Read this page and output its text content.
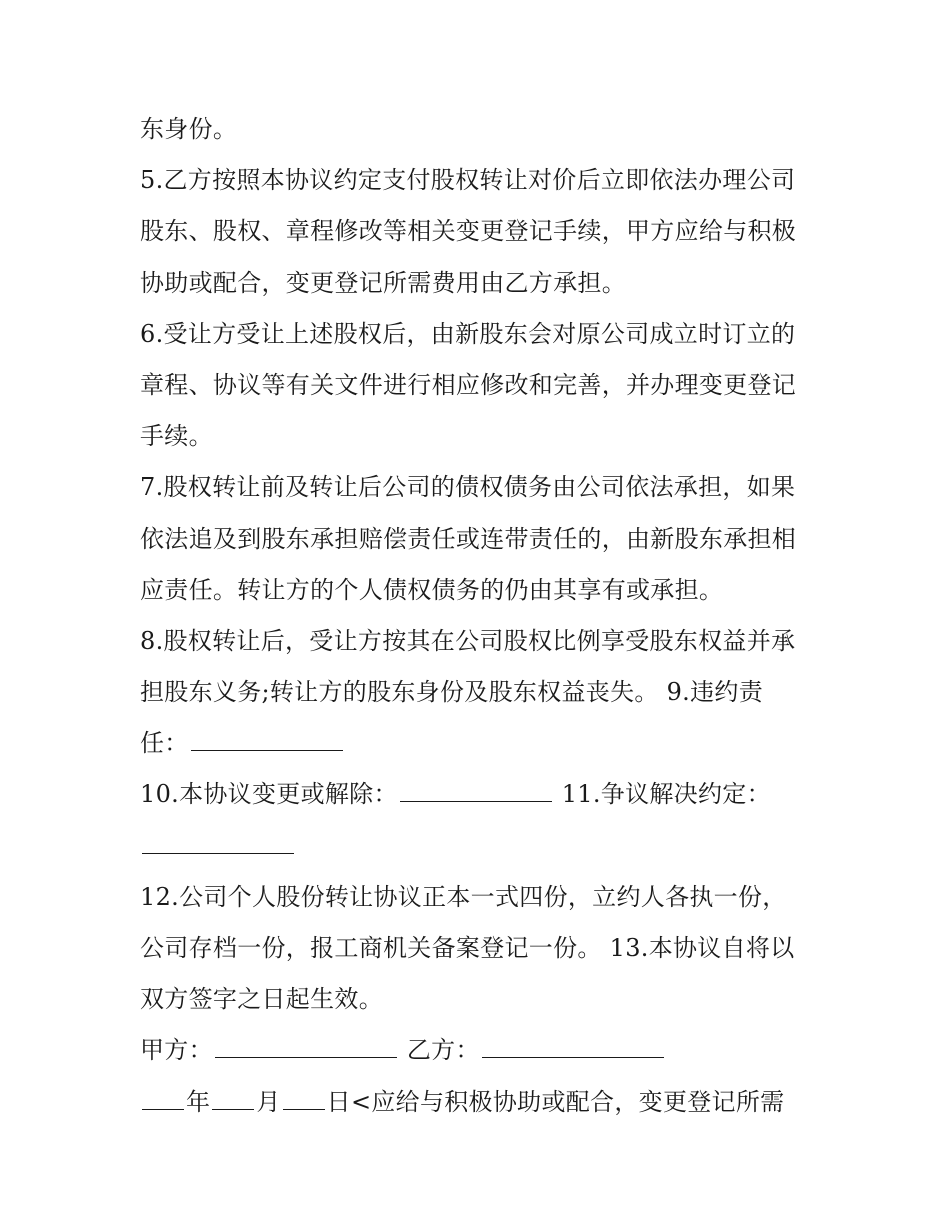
东身份。
5.乙方按照本协议约定支付股权转让对价后立即依法办理公司
股东、股权、章程修改等相关变更登记手续，甲方应给与积极
协助或配合，变更登记所需费用由乙方承担。
6.受让方受让上述股权后，由新股东会对原公司成立时订立的
章程、协议等有关文件进行相应修改和完善，并办理变更登记
手续。
7.股权转让前及转让后公司的债权债务由公司依法承担，如果
依法追及到股东承担赔偿责任或连带责任的，由新股东承担相
应责任。转让方的个人债权债务的仍由其享有或承担。
8.股权转让后，受让方按其在公司股权比例享受股东权益并承
担股东义务;转让方的股东身份及股东权益丧失。 9.违约责
任：
10.本协议变更或解除：	11.争议解决约定：
12.公司个人股份转让协议正本一式四份，立约人各执一份，
公司存档一份，报工商机关备案登记一份。 13.本协议自将以
双方签字之日起生效。
甲方：	乙方：
年 月 日<应给与积极协助或配合，变更登记所需
